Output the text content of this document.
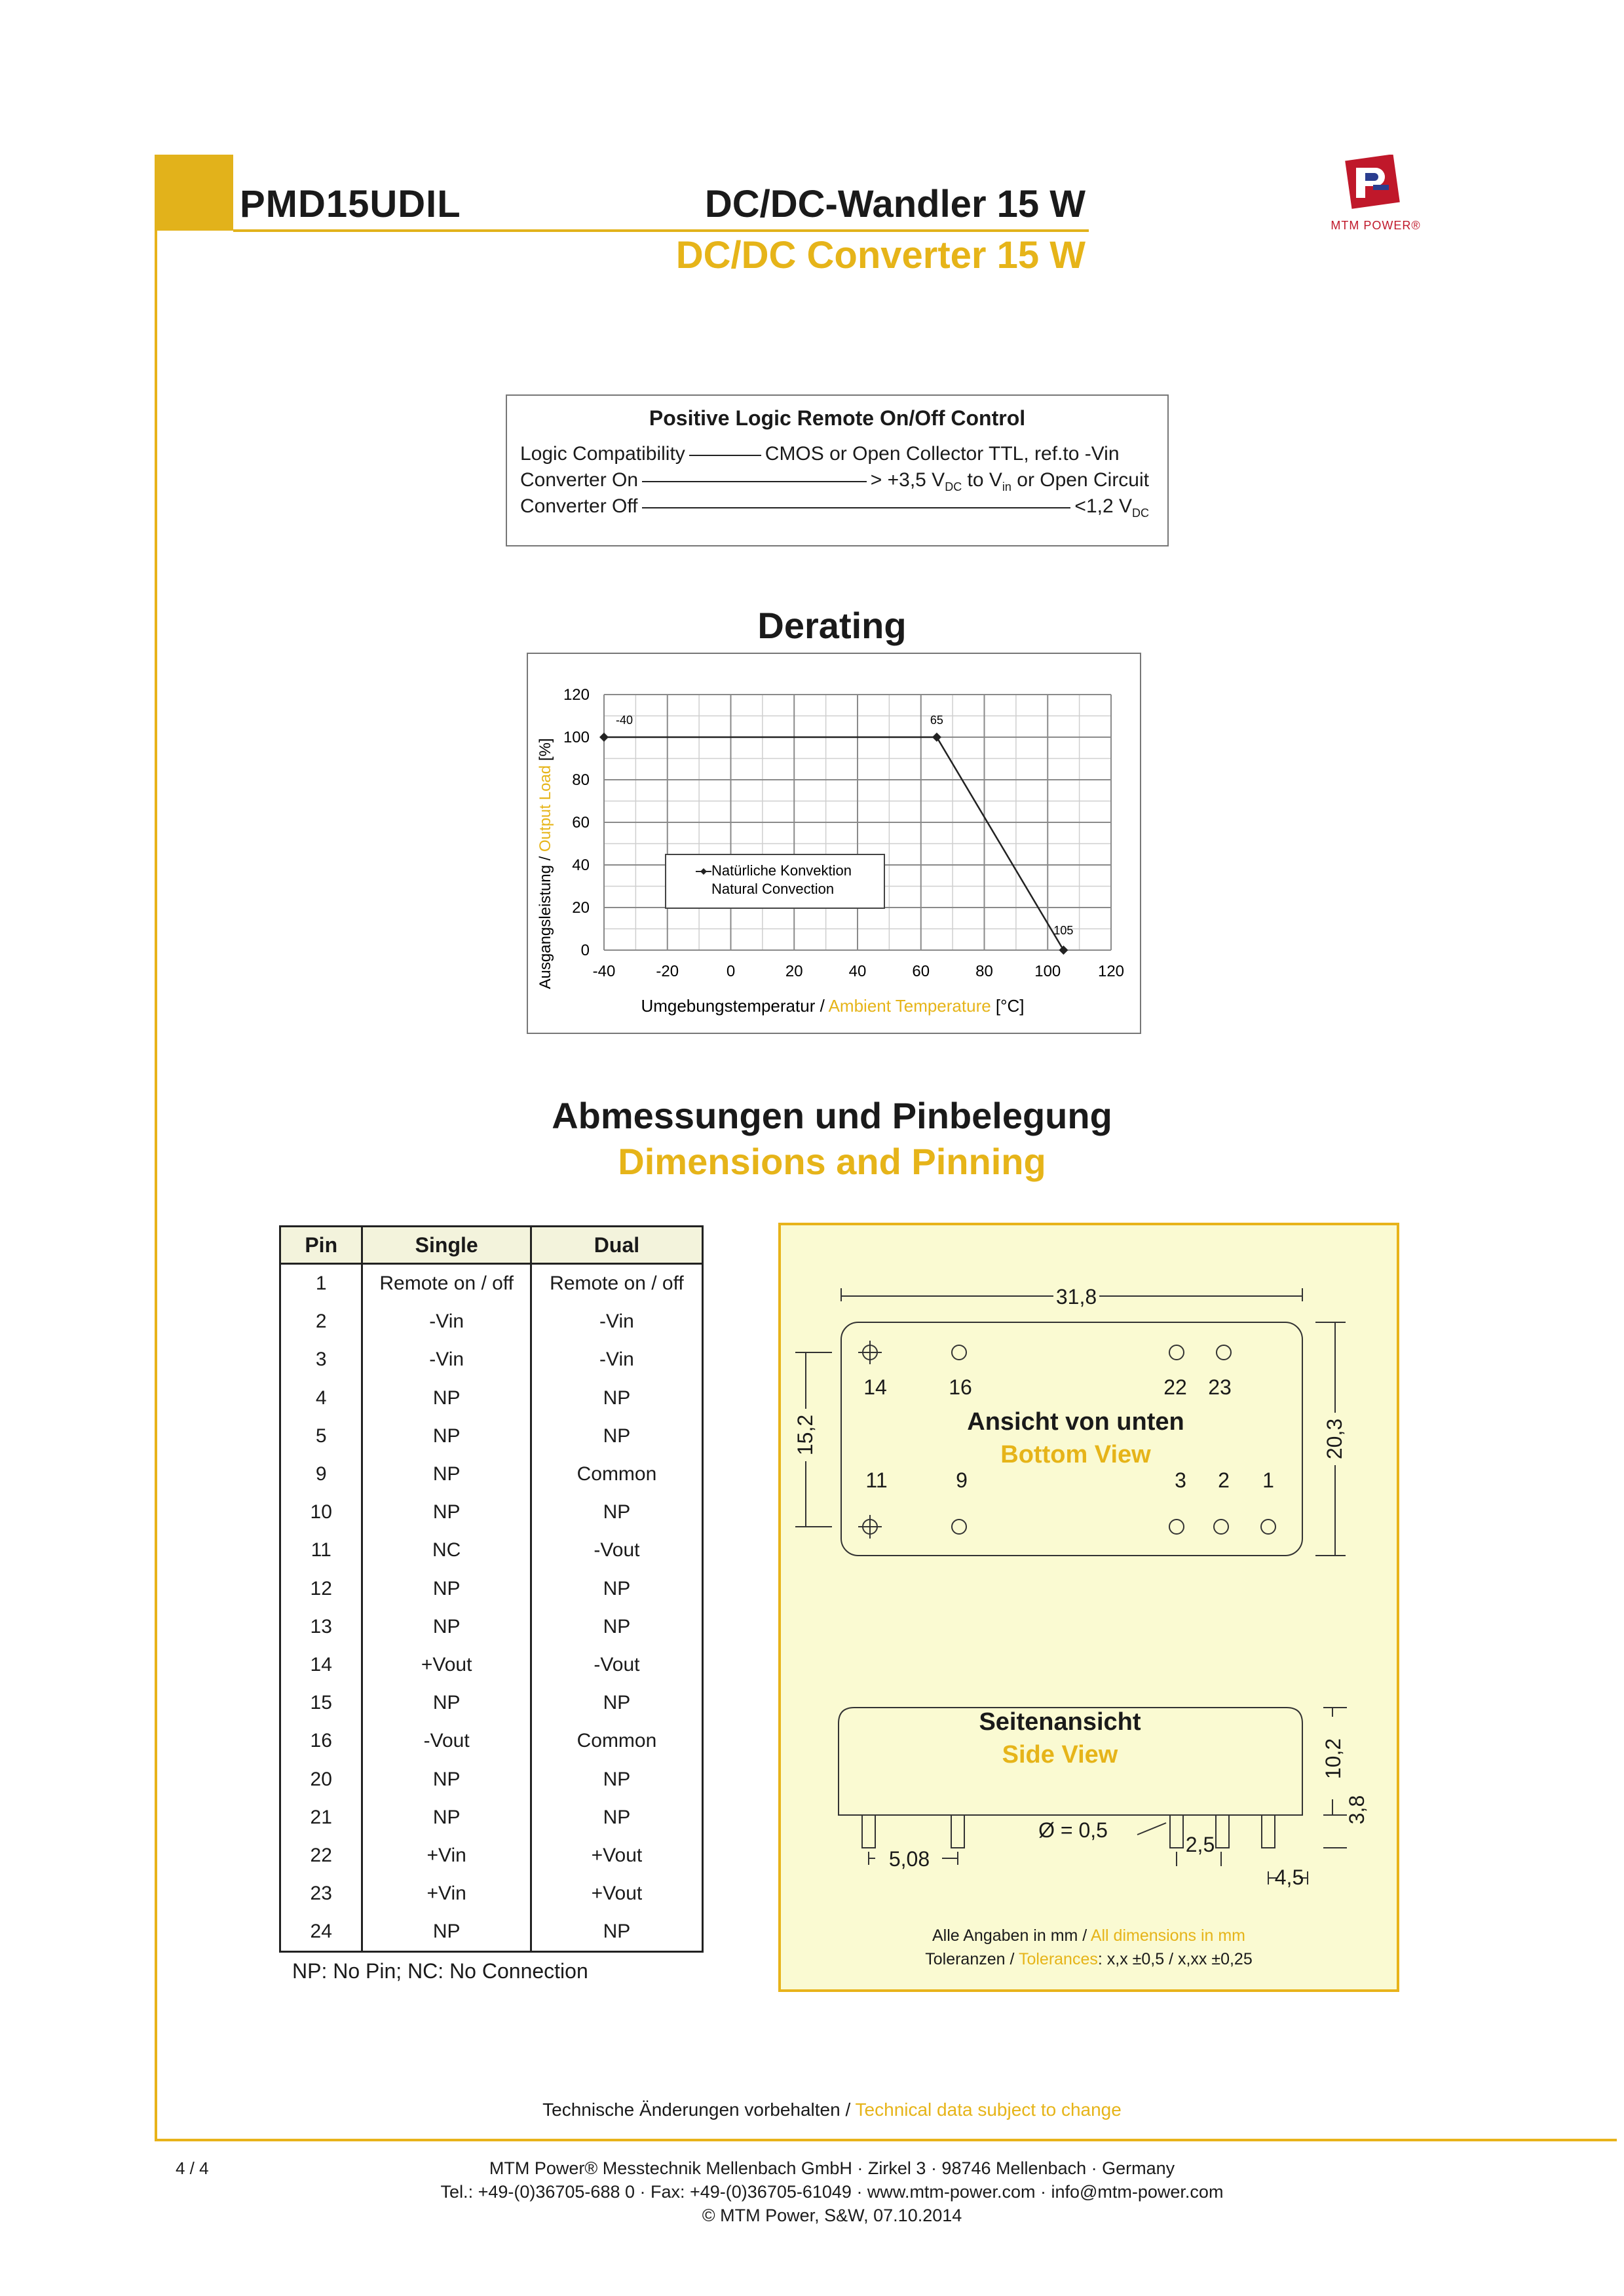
PMD15UDIL	DC/DC-Wandler 15 W
DC/DC Converter 15 W
MTM POWER®
Positive Logic Remote On/Off Control
Logic Compatibility	CMOS or Open Collector TTL, ref.to -Vin
Converter On	> +3,5 $V_{DC}$ to $V_{in}$ or Open Circuit
Converter Off	<1,2 $V_{DC}$
Derating
-40	-20	0	20	40	60	80	100 120
0
20
40
60
80
100
120
-40	65
105
Natürliche Konvektion
Natural Convection
Ausgangsleistung / Output Load [%]
Umgebungstemperatur / Ambient Temperature [°C]
Abmessungen und Pinbelegung
Dimensions and Pinning
Pin	Single	Dual
1	Remote on / off	Remote on / off
2	-Vin	-Vin
3	-Vin	-Vin
4	NP	NP
5	NP	NP
9	NP	Common
10	NP	NP
11	NC	-Vout
12	NP	NP
13	NP	NP
14	+Vout	-Vout
15	NP	NP
16	-Vout	Common
20	NP	NP
21	NP	NP
22	+Vin	+Vout
23	+Vin	+Vout
24	NP	NP
NP: No Pin; NC: No Connection
31,8
20,3
15,2
14	16	22 23
11	9	3 2 1
Ansicht von unten
Bottom View
Seitenansicht
Side View	10,2
3,8
5,08
2,5
4,5
Ø = 0,5
Alle Angaben in mm / All dimensions in mm
Toleranzen / Tolerances: x,x ±0,5 / x,xx ±0,25
Technische Änderungen vorbehalten / Technical data subject to change
4 / 4	MTM Power® Messtechnik Mellenbach GmbH · Zirkel 3 · 98746 Mellenbach · Germany
Tel.: +49-(0)36705-688 0 · Fax: +49-(0)36705-61049 · www.mtm-power.com · info@mtm-power.com
© MTM Power, S&W, 07.10.2014
